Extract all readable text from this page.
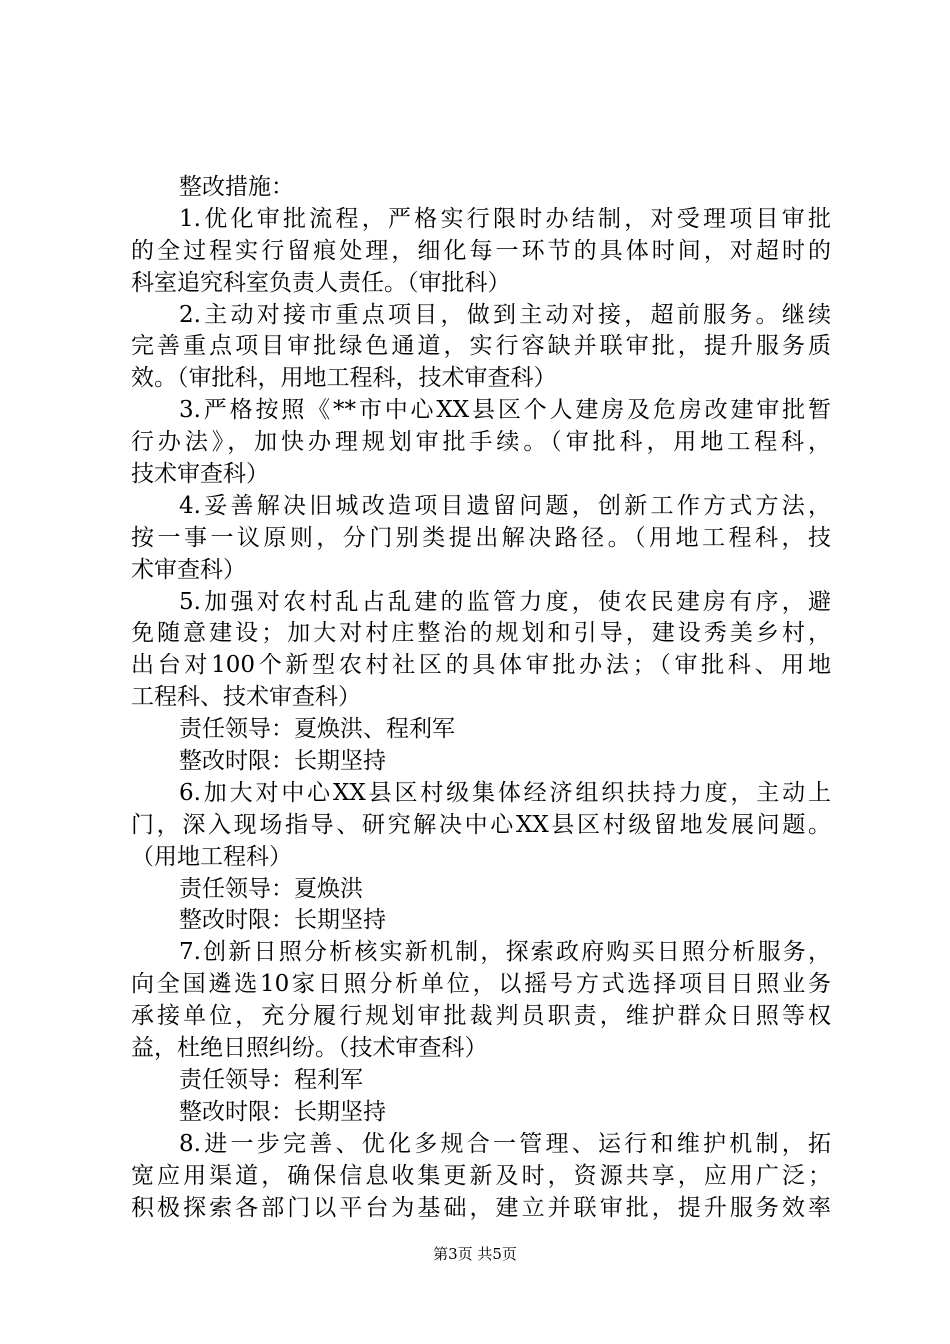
整改措施：
1.优化审批流程，严格实行限时办结制，对受理项目审批
的全过程实行留痕处理，细化每一环节的具体时间，对超时的
科室追究科室负责人责任。（审批科）
2.主动对接市重点项目，做到主动对接，超前服务。继续
完善重点项目审批绿色通道，实行容缺并联审批，提升服务质
效。（审批科，用地工程科，技术审查科）
3.严格按照《**市中心XX县区个人建房及危房改建审批暂
行办法》，加快办理规划审批手续。（审批科，用地工程科，
技术审查科）
4.妥善解决旧城改造项目遗留问题，创新工作方式方法，
按一事一议原则，分门别类提出解决路径。（用地工程科，技
术审查科）
5.加强对农村乱占乱建的监管力度，使农民建房有序，避
免随意建设；加大对村庄整治的规划和引导，建设秀美乡村，
出台对100个新型农村社区的具体审批办法；（审批科、用地
工程科、技术审查科）
责任领导：夏焕洪、程利军
整改时限：长期坚持
6.加大对中心XX县区村级集体经济组织扶持力度，主动上
门，深入现场指导、研究解决中心XX县区村级留地发展问题。
（用地工程科）
责任领导：夏焕洪
整改时限：长期坚持
7.创新日照分析核实新机制，探索政府购买日照分析服务，
向全国遴选10家日照分析单位，以摇号方式选择项目日照业务
承接单位，充分履行规划审批裁判员职责，维护群众日照等权
益，杜绝日照纠纷。（技术审查科）
责任领导：程利军
整改时限：长期坚持
8.进一步完善、优化多规合一管理、运行和维护机制，拓
宽应用渠道，确保信息收集更新及时，资源共享，应用广泛；
积极探索各部门以平台为基础，建立并联审批，提升服务效率
第3页 共5页
